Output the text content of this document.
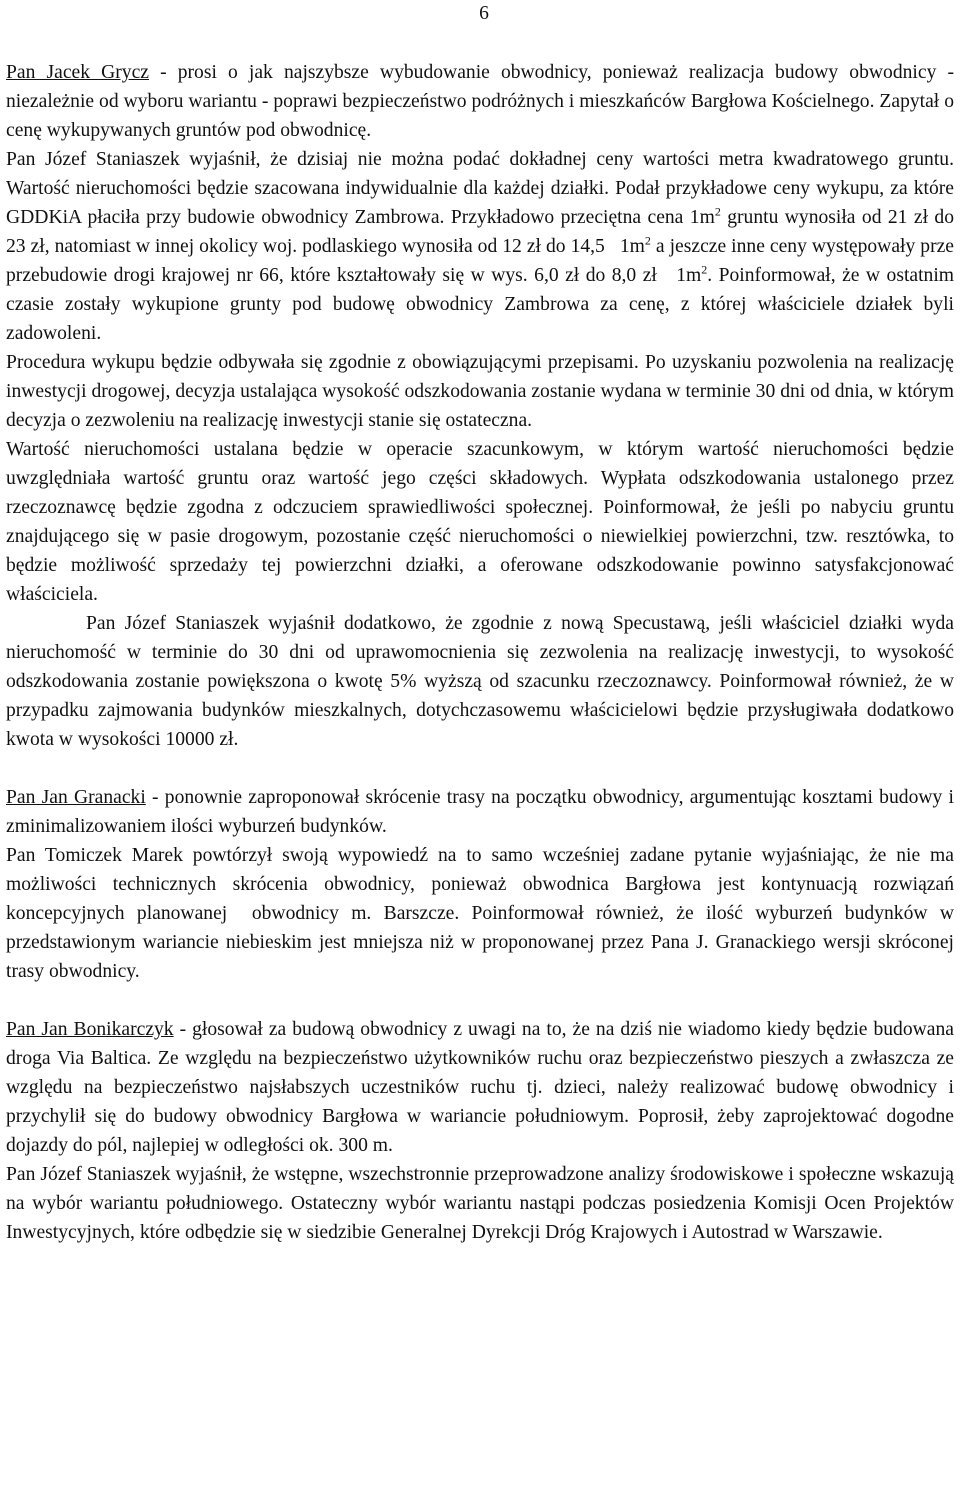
6

Pan Jacek Grycz - prosi o jak najszybsze wybudowanie obwodnicy, ponieważ realizacja budowy obwodnicy - niezależnie od wyboru wariantu - poprawi bezpieczeństwo podróżnych i mieszkańców Bargłowa Kościelnego. Zapytał o cenę wykupywanych gruntów pod obwodnicę.

Pan Józef Staniaszek wyjaśnił, że dzisiaj nie można podać dokładnej ceny wartości metra kwadratowego gruntu. Wartość nieruchomości będzie szacowana indywidualnie dla każdej działki. Podał przykładowe ceny wykupu, za które GDDKiA płaciła przy budowie obwodnicy Zambrowa. Przykładowo przeciętna cena $1m^2$ gruntu wynosiła od 21 zł do 23 zł, natomiast w innej okolicy woj. podlaskiego wynosiła od 12 zł do 14,5   $1m^2$ a jeszcze inne ceny występowały prze przebudowie drogi krajowej nr 66, które kształtowały się w wys. 6,0 zł do 8,0 zł   $1m^2$. Poinformował, że w ostatnim czasie zostały wykupione grunty pod budowę obwodnicy Zambrowa za cenę, z której właściciele działek byli zadowoleni.

Procedura wykupu będzie odbywała się zgodnie z obowiązującymi przepisami. Po uzyskaniu pozwolenia na realizację inwestycji drogowej, decyzja ustalająca wysokość odszkodowania zostanie wydana w terminie 30 dni od dnia, w którym decyzja o zezwoleniu na realizację inwestycji stanie się ostateczna.

Wartość nieruchomości ustalana będzie w operacie szacunkowym, w którym wartość nieruchomości będzie uwzględniała wartość gruntu oraz wartość jego części składowych. Wypłata odszkodowania ustalonego przez rzeczoznawcę będzie zgodna z odczuciem sprawiedliwości społecznej. Poinformował, że jeśli po nabyciu gruntu znajdującego się w pasie drogowym, pozostanie część nieruchomości o niewielkiej powierzchni, tzw. resztówka, to będzie możliwość sprzedaży tej powierzchni działki, a oferowane odszkodowanie powinno satysfakcjonować właściciela.

Pan Józef Staniaszek wyjaśnił dodatkowo, że zgodnie z nową Specustawą, jeśli właściciel działki wyda nieruchomość w terminie do 30 dni od uprawomocnienia się zezwolenia na realizację inwestycji, to wysokość odszkodowania zostanie powiększona o kwotę 5% wyższą od szacunku rzeczoznawcy. Poinformował również, że w przypadku zajmowania budynków mieszkalnych, dotychczasowemu właścicielowi będzie przysługiwała dodatkowo kwota w wysokości 10000 zł.

Pan Jan Granacki - ponownie zaproponował skrócenie trasy na początku obwodnicy, argumentując kosztami budowy i zminimalizowaniem ilości wyburzeń budynków.

Pan Tomiczek Marek powtórzył swoją wypowiedź na to samo wcześniej zadane pytanie wyjaśniając, że nie ma możliwości technicznych skrócenia obwodnicy, ponieważ obwodnica Bargłowa jest kontynuacją rozwiązań koncepcyjnych planowanej  obwodnicy m. Barszcze. Poinformował również, że ilość wyburzeń budynków w przedstawionym wariancie niebieskim jest mniejsza niż w proponowanej przez Pana J. Granackiego wersji skróconej trasy obwodnicy.

Pan Jan Bonikarczyk - głosował za budową obwodnicy z uwagi na to, że na dziś nie wiadomo kiedy będzie budowana droga Via Baltica. Ze względu na bezpieczeństwo użytkowników ruchu oraz bezpieczeństwo pieszych a zwłaszcza ze względu na bezpieczeństwo najsłabszych uczestników ruchu tj. dzieci, należy realizować budowę obwodnicy i przychylił się do budowy obwodnicy Bargłowa w wariancie południowym. Poprosił, żeby zaprojektować dogodne dojazdy do pól, najlepiej w odległości ok. 300 m.

Pan Józef Staniaszek wyjaśnił, że wstępne, wszechstronnie przeprowadzone analizy środowiskowe i społeczne wskazują na wybór wariantu południowego. Ostateczny wybór wariantu nastąpi podczas posiedzenia Komisji Ocen Projektów Inwestycyjnych, które odbędzie się w siedzibie Generalnej Dyrekcji Dróg Krajowych i Autostrad w Warszawie.
